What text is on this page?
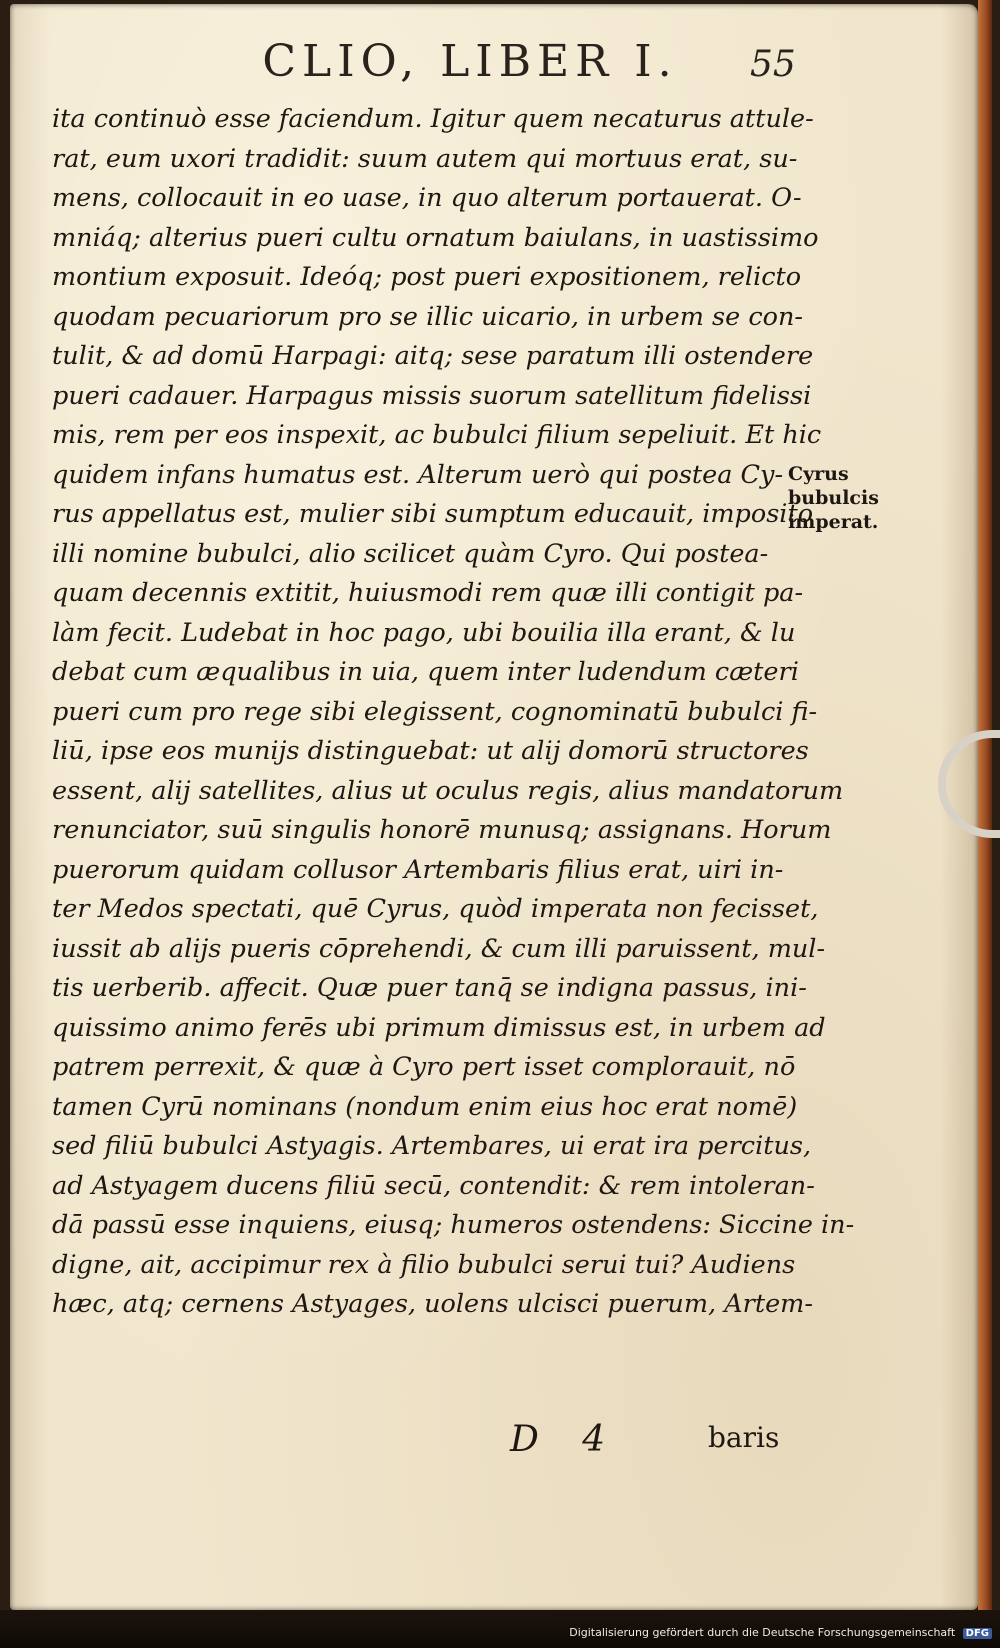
CLIO, LIBER I.	55
ita continuò esse faciendum. Igitur quem necaturus attule-
rat, eum uxori tradidit: suum autem qui mortuus erat, su-
mens, collocauit in eo uase, in quo alterum portauerat. O-
mniáq; alterius pueri cultu ornatum baiulans, in uastissimo
montium exposuit. Ideóq; post pueri expositionem, relicto
quodam pecuariorum pro se illic uicario, in urbem se con-
tulit, & ad domū Harpagi: aitq; sese paratum illi ostendere
pueri cadauer. Harpagus missis suorum satellitum fidelissi
mis, rem per eos inspexit, ac bubulci filium sepeliuit. Et hic
quidem infans humatus est. Alterum uerò qui postea Cy-
rus appellatus est, mulier sibi sumptum educauit, imposito
illi nomine bubulci, alio scilicet quàm Cyro. Qui postea-
quam decennis extitit, huiusmodi rem quæ illi contigit pa-
làm fecit. Ludebat in hoc pago, ubi bouilia illa erant, & lu
debat cum æqualibus in uia, quem inter ludendum cæteri
pueri cum pro rege sibi elegissent, cognominatū bubulci fi-
liū, ipse eos munijs distinguebat: ut alij domorū structores
essent, alij satellites, alius ut oculus regis, alius mandatorum
renunciator, suū singulis honorē munusq; assignans. Horum
puerorum quidam collusor Artembaris filius erat, uiri in-
ter Medos spectati, quē Cyrus, quòd imperata non fecisset,
iussit ab alijs pueris cōprehendi, & cum illi paruissent, mul-
tis uerberib. affecit. Quæ puer tanq̄ se indigna passus, ini-
quissimo animo ferēs ubi primum dimissus est, in urbem ad
patrem perrexit, & quæ à Cyro pert isset complorauit, nō
tamen Cyrū nominans (nondum enim eius hoc erat nomē)
sed filiū bubulci Astyagis. Artembares, ui erat ira percitus,
ad Astyagem ducens filiū secū, contendit: & rem intoleran-
dā passū esse inquiens, eiusq; humeros ostendens: Siccine in-
digne, ait, accipimur rex à filio bubulci serui tui? Audiens
hæc, atq; cernens Astyages, uolens ulcisci puerum, Artem-
Cyrus
bubulcis
imperat.
D 4	baris
Digitalisierung gefördert durch die Deutsche Forschungsgemeinschaft DFG
